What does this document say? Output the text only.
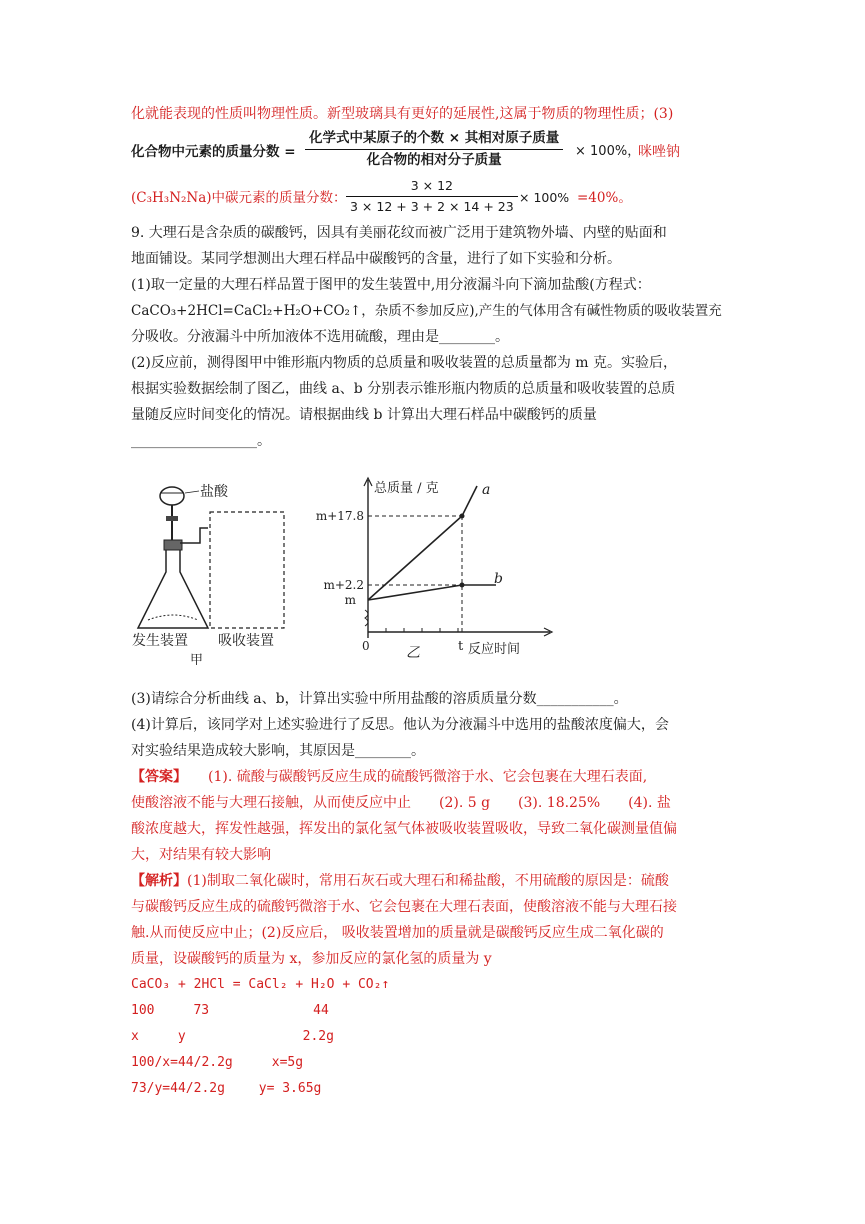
化就能表现的性质叫物理性质。新型玻璃具有更好的延展性,这属于物质的物理性质；(3)
化合物中元素的质量分数 =
化学式中某原子的个数 × 其相对原子质量
化合物的相对分子质量
× 100%，
咪唑钠
(C₃H₃N₂Na)中碳元素的质量分数： $\frac{3 \times 12}{3 \times 12 + 3 + 2 \times 14 + 23} \times 100\% =40\%$。
9. 大理石是含杂质的碳酸钙，因具有美丽花纹而被广泛用于建筑物外墙、内壁的贴面和
地面铺设。某同学想测出大理石样品中碳酸钙的含量，进行了如下实验和分析。
(1)取一定量的大理石样品置于图甲的发生装置中,用分液漏斗向下滴加盐酸(方程式：
CaCO₃+2HCl=CaCl₂+H₂O+CO₂↑，杂质不参加反应),产生的气体用含有碱性物质的吸收装置充
分吸收。分液漏斗中所加液体不选用硫酸，理由是________。
(2)反应前，测得图甲中锥形瓶内物质的总质量和吸收装置的总质量都为 m 克。实验后，
根据实验数据绘制了图乙，曲线 a、b 分别表示锥形瓶内物质的总质量和吸收装置的总质
量随反应时间变化的情况。请根据曲线 b 计算出大理石样品中碳酸钙的质量
__________________。
盐酸
发生装置 吸收装置
甲
总质量 / 克	a
b
m+17.8
m+2.2
m
0	t 反应时间
乙
(3)请综合分析曲线 a、b，计算出实验中所用盐酸的溶质质量分数___________。
(4)计算后，该同学对上述实验进行了反思。他认为分液漏斗中选用的盐酸浓度偏大，会
对实验结果造成较大影响，其原因是________。
【答案】　　 (1). 硫酸与碳酸钙反应生成的硫酸钙微溶于水、它会包裹在大理石表面,
使酸溶液不能与大理石接触，从而使反应中止　　(2). 5 g　　(3). 18.25%　　(4). 盐
酸浓度越大，挥发性越强，挥发出的氯化氢气体被吸收装置吸收，导致二氧化碳测量值偏
大，对结果有较大影响
【解析】(1)制取二氧化碳时，常用石灰石或大理石和稀盐酸，不用硫酸的原因是：硫酸
与碳酸钙反应生成的硫酸钙微溶于水、它会包裹在大理石表面，使酸溶液不能与大理石接
触.从而使反应中止；(2)反应后， 吸收装置增加的质量就是碳酸钙反应生成二氧化碳的
质量，设碳酸钙的质量为 x，参加反应的氯化氢的质量为 y
CaCO₃ + 2HCl = CaCl₂ + H₂O + CO₂↑
100　　　73　　　　　　　　44
x　　　y　　　　　　　　　2.2g
100/x=44/2.2g　　　x=5g
73/y=44/2.2g　　 y= 3.65g
